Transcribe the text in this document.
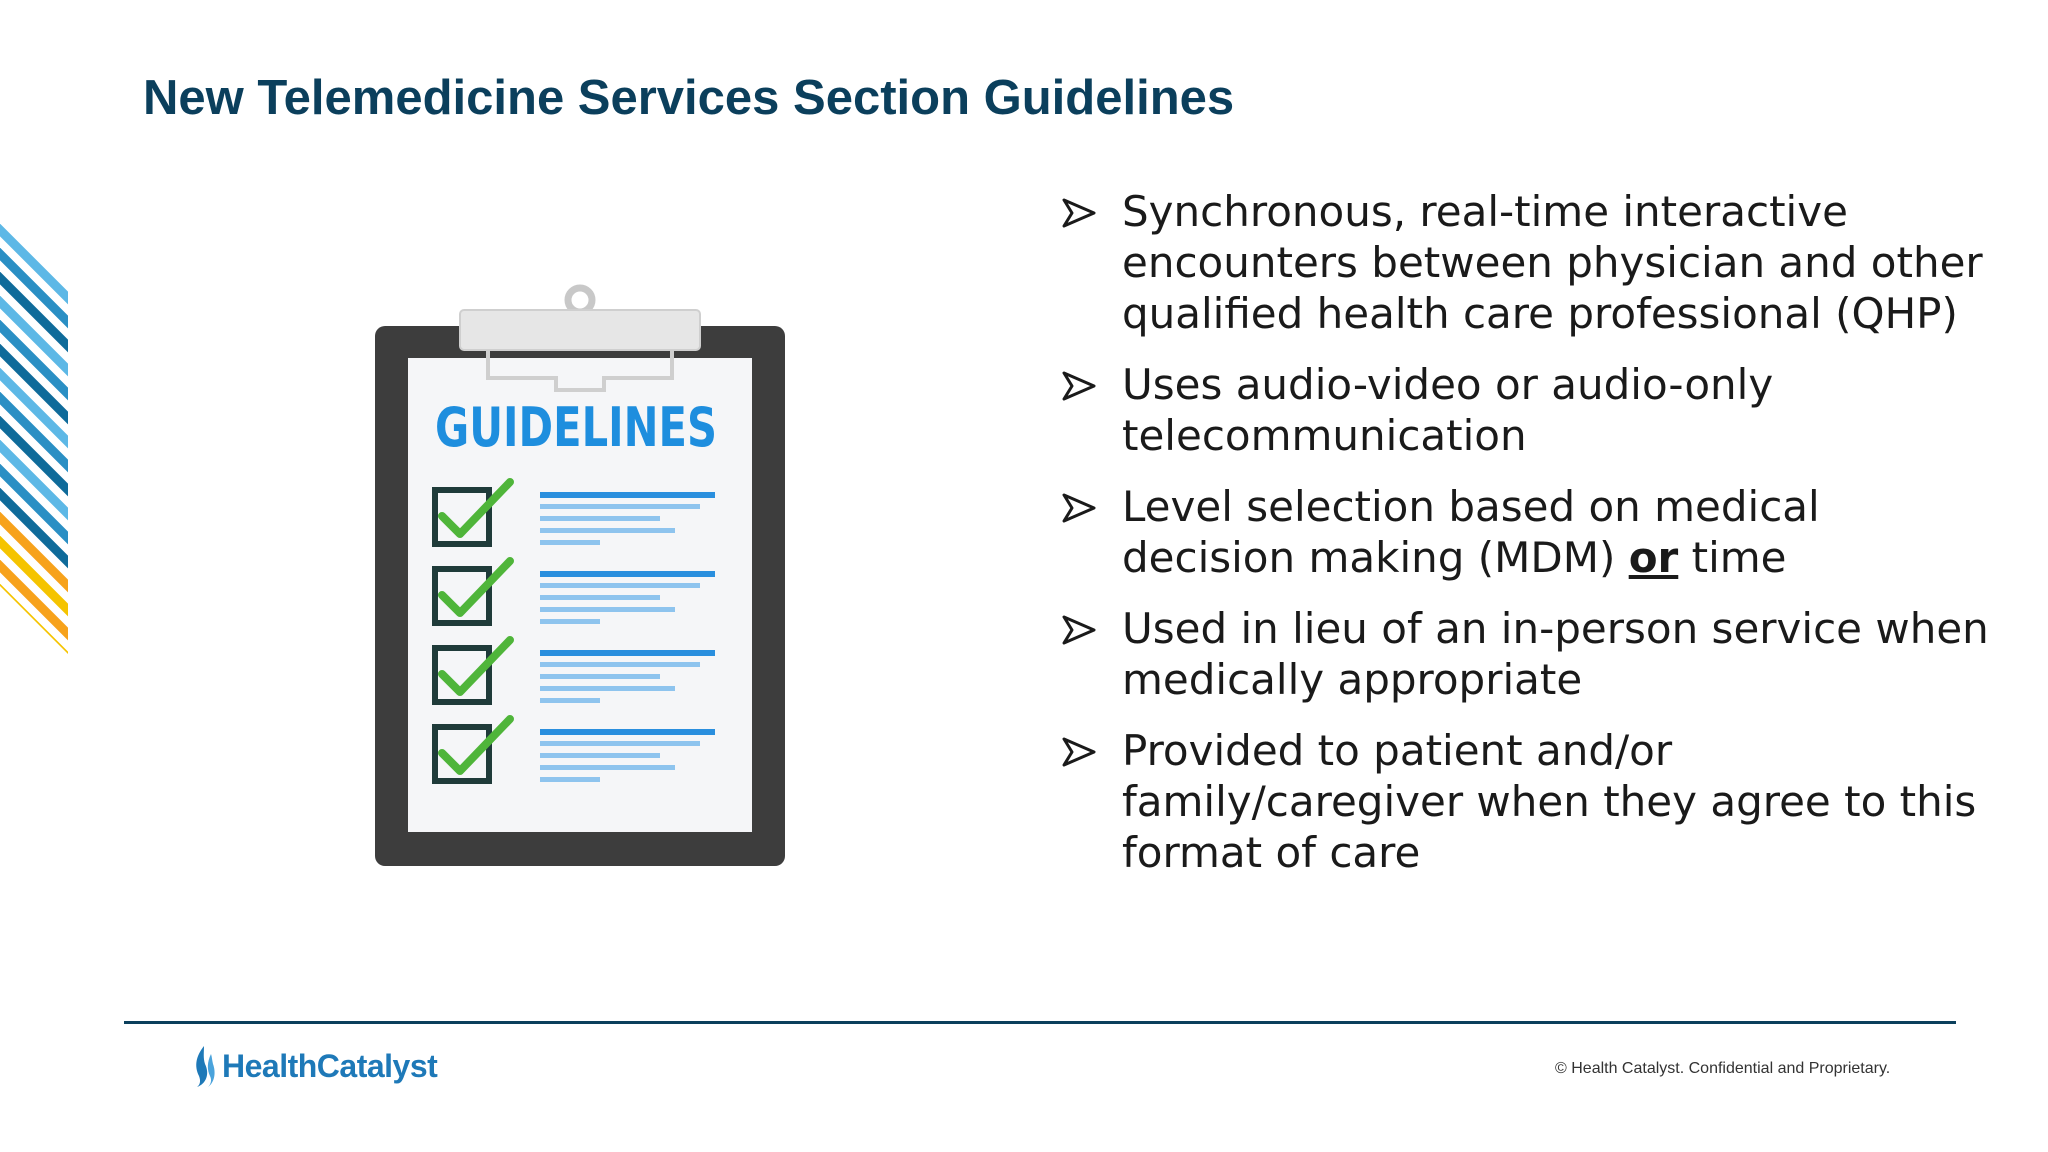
New Telemedicine Services Section Guidelines
GUIDELINES
Synchronous, real-time interactive encounters between physician and other qualified health care professional (QHP)
Uses audio-video or audio-only telecommunication
Level selection based on medical decision making (MDM) or time
Used in lieu of an in-person service when medically appropriate
Provided to patient and/or family/caregiver when they agree to this format of care
HealthCatalyst	© Health Catalyst. Confidential and Proprietary.
